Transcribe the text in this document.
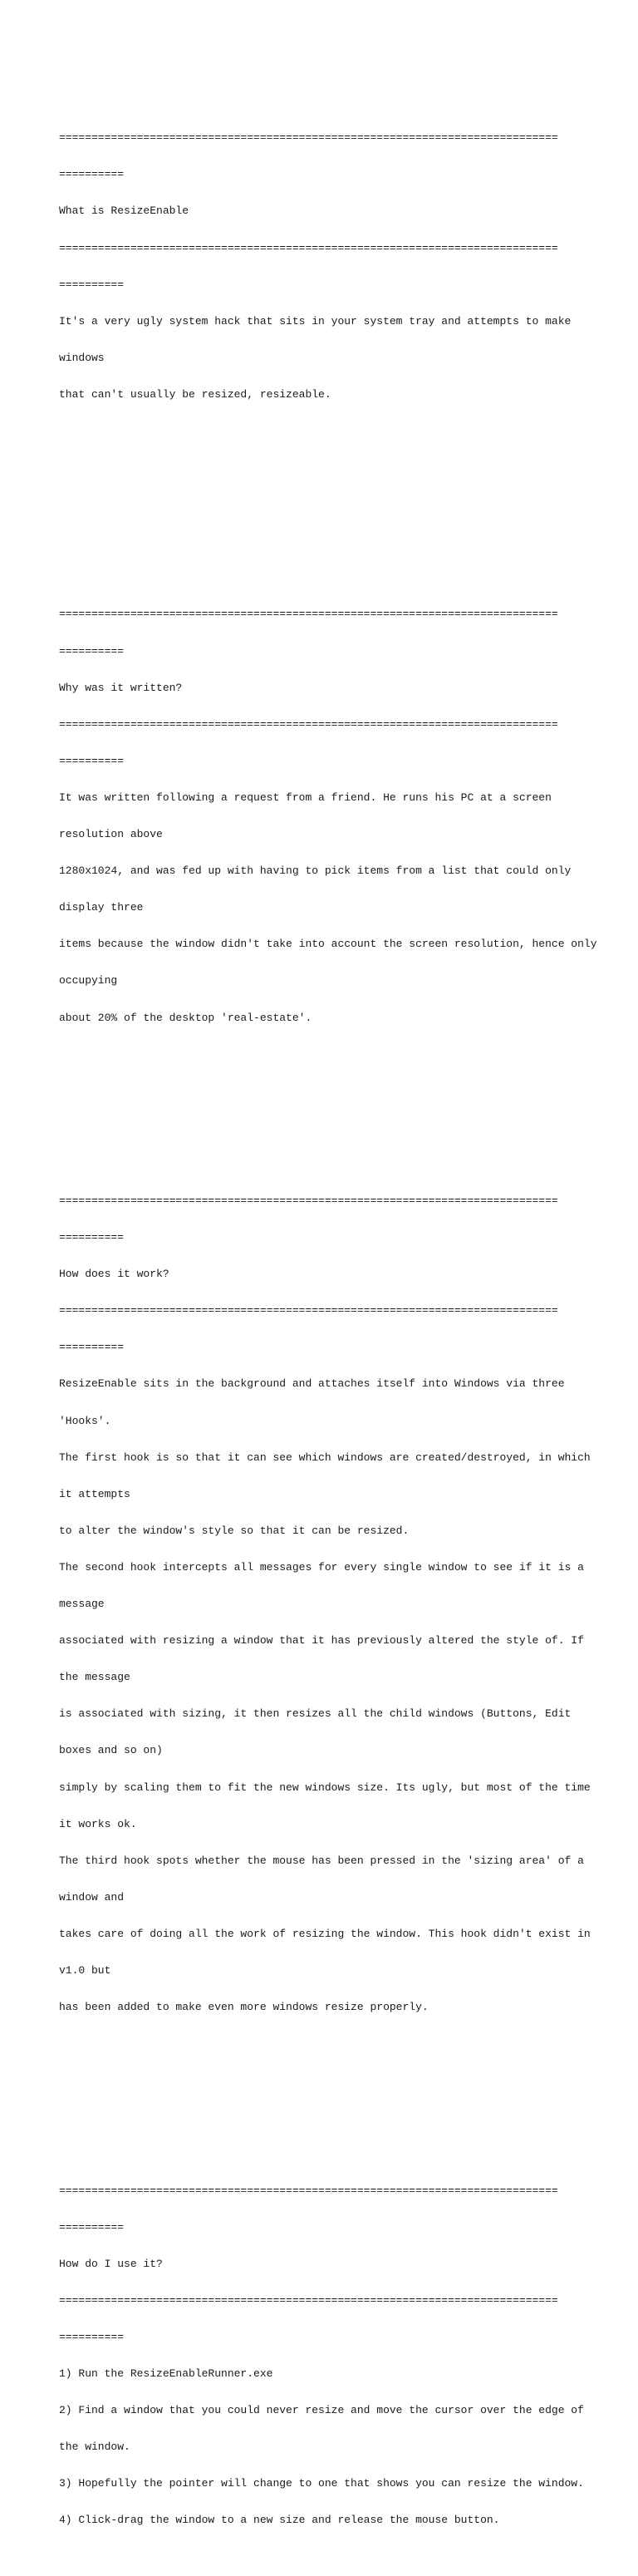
=============================================================================

==========

What is ResizeEnable

=============================================================================

==========

It's a very ugly system hack that sits in your system tray and attempts to make

windows

that can't usually be resized, resizeable.

=============================================================================

==========

Why was it written?

=============================================================================

==========

It was written following a request from a friend. He runs his PC at a screen

resolution above

1280x1024, and was fed up with having to pick items from a list that could only

display three

items because the window didn't take into account the screen resolution, hence only

occupying

about 20% of the desktop 'real-estate'.

=============================================================================

==========

How does it work?

=============================================================================

==========

ResizeEnable sits in the background and attaches itself into Windows via three

'Hooks'.

The first hook is so that it can see which windows are created/destroyed, in which

it attempts

to alter the window's style so that it can be resized.

The second hook intercepts all messages for every single window to see if it is a

message

associated with resizing a window that it has previously altered the style of. If

the message

is associated with sizing, it then resizes all the child windows (Buttons, Edit

boxes and so on)

simply by scaling them to fit the new windows size. Its ugly, but most of the time

it works ok.

The third hook spots whether the mouse has been pressed in the 'sizing area' of a

window and

takes care of doing all the work of resizing the window. This hook didn't exist in

v1.0 but

has been added to make even more windows resize properly.

=============================================================================

==========

How do I use it?

=============================================================================

==========

1) Run the ResizeEnableRunner.exe

2) Find a window that you could never resize and move the cursor over the edge of

the window.

3) Hopefully the pointer will change to one that shows you can resize the window.

4) Click-drag the window to a new size and release the mouse button.
